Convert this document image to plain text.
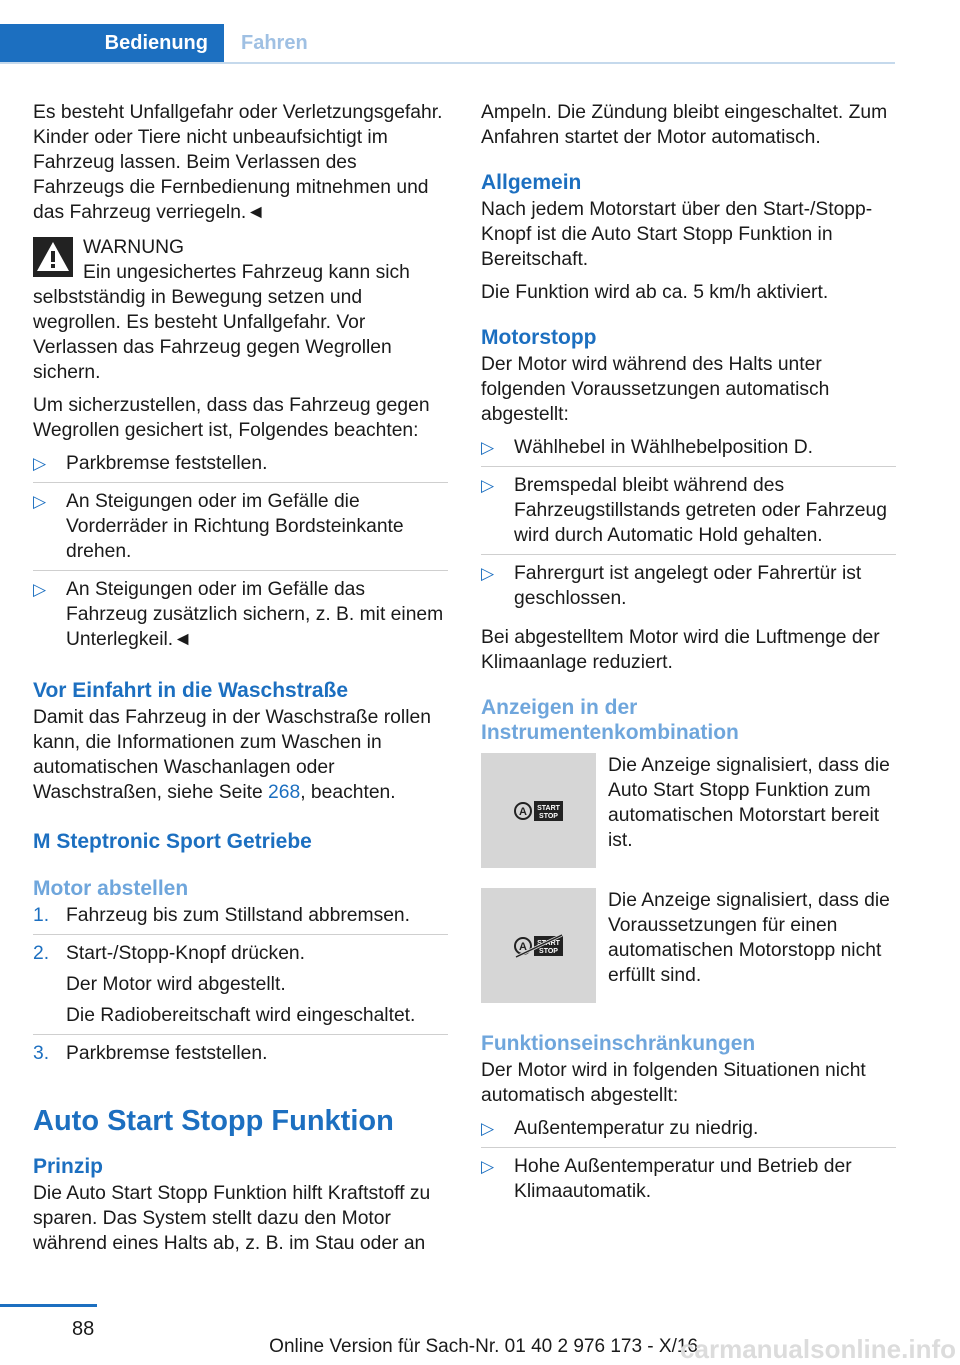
Bedienung	Fahren

Es besteht Unfallgefahr oder Verletzungsgefahr. Kinder oder Tiere nicht unbeaufsichtigt im Fahrzeug lassen. Beim Verlassen des Fahrzeugs die Fernbedienung mitnehmen und das Fahrzeug verriegeln.◄

WARNUNG

Ein ungesichertes Fahrzeug kann sich selbstständig in Bewegung setzen und wegrollen. Es besteht Unfallgefahr. Vor Verlassen das Fahrzeug gegen Wegrollen sichern.

Um sicherzustellen, dass das Fahrzeug gegen Wegrollen gesichert ist, Folgendes beachten:

▷ Parkbremse feststellen.
▷ An Steigungen oder im Gefälle die Vorderräder in Richtung Bordsteinkante drehen.
▷ An Steigungen oder im Gefälle das Fahrzeug zusätzlich sichern, z. B. mit einem Unterlegkeil.◄
Vor Einfahrt in die Waschstraße

Damit das Fahrzeug in der Waschstraße rollen kann, die Informationen zum Waschen in automatischen Waschanlagen oder Waschstraßen, siehe Seite 268, beachten.

M Steptronic Sport Getriebe
Motor abstellen
1. Fahrzeug bis zum Stillstand abbremsen.
2. Start-/Stopp-Knopf drücken.
Der Motor wird abgestellt.
Die Radiobereitschaft wird eingeschaltet.
3. Parkbremse feststellen.
Auto Start Stopp Funktion
Prinzip

Die Auto Start Stopp Funktion hilft Kraftstoff zu sparen. Das System stellt dazu den Motor während eines Halts ab, z. B. im Stau oder an

Ampeln. Die Zündung bleibt eingeschaltet. Zum Anfahren startet der Motor automatisch.

Allgemein

Nach jedem Motorstart über den Start-/Stopp-Knopf ist die Auto Start Stopp Funktion in Bereitschaft.

Die Funktion wird ab ca. 5 km/h aktiviert.

Motorstopp

Der Motor wird während des Halts unter folgenden Voraussetzungen automatisch abgestellt:

▷ Wählhebel in Wählhebelposition D.
▷ Bremspedal bleibt während des Fahrzeugstillstands getreten oder Fahrzeug wird durch Automatic Hold gehalten.
▷ Fahrergurt ist angelegt oder Fahrertür ist geschlossen.

Bei abgestelltem Motor wird die Luftmenge der Klimaanlage reduziert.

Anzeigen in der Instrumentenkombination
A START
STOP
Die Anzeige signalisiert, dass die Auto Start Stopp Funktion zum automatischen Motorstart bereit ist.
A START
STOP
Die Anzeige signalisiert, dass die Voraussetzungen für einen automatischen Motorstopp nicht erfüllt sind.
Funktionseinschränkungen

Der Motor wird in folgenden Situationen nicht automatisch abgestellt:

▷ Außentemperatur zu niedrig.
▷ Hohe Außentemperatur und Betrieb der Klimaautomatik.
88
Online Version für Sach-Nr. 01 40 2 976 173 - X/16
carmanualsonline.info
